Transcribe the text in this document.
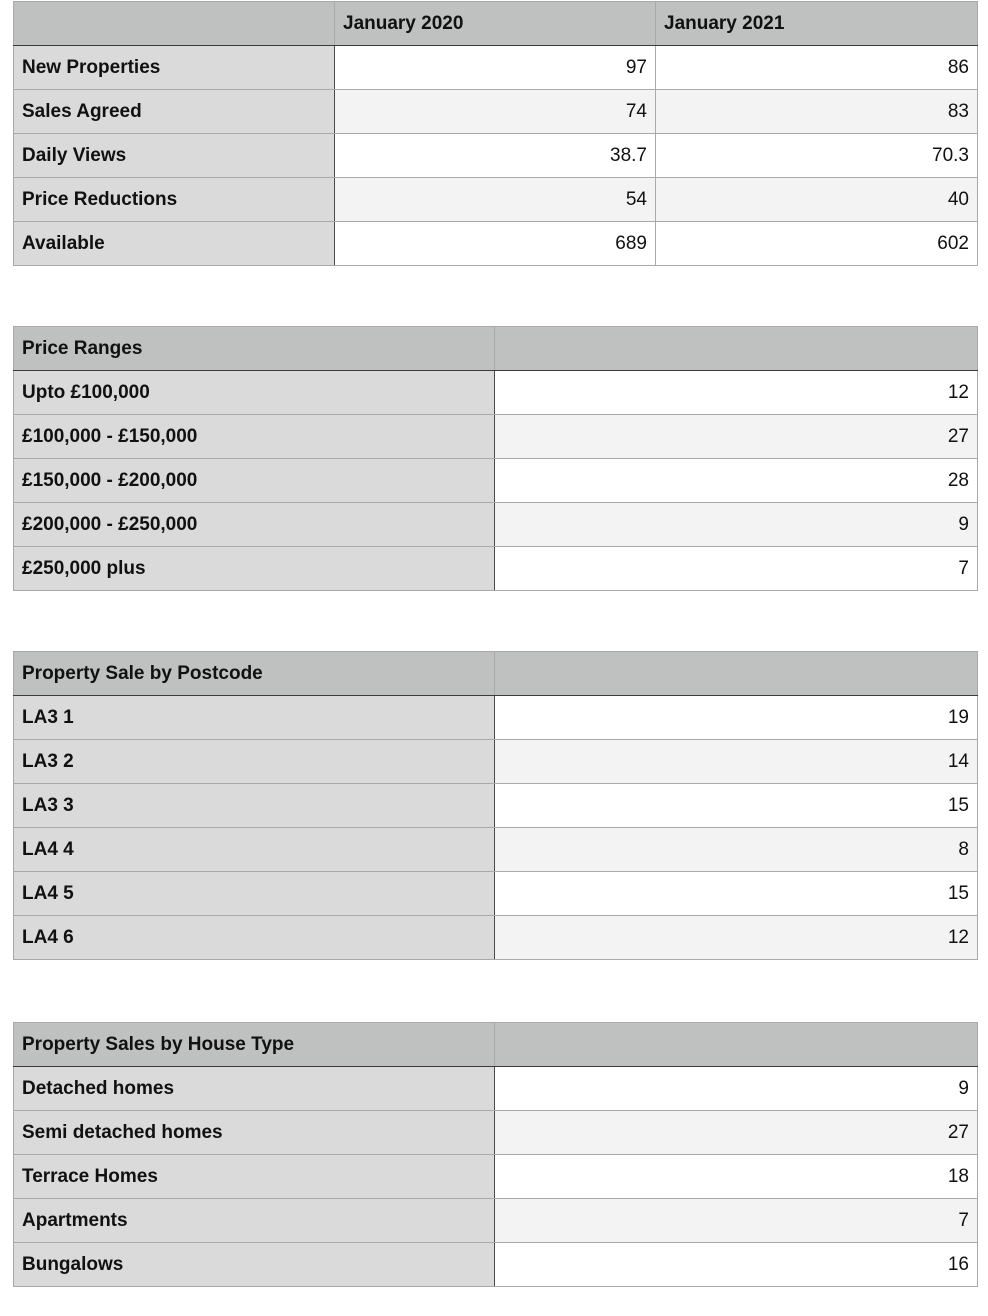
	January 2020	January 2021
New Properties	97	86
Sales Agreed	74	83
Daily Views	38.7	70.3
Price Reductions	54	40
Available	689	602
Price Ranges	
Upto £100,000	12
£100,000 - £150,000	27
£150,000 - £200,000	28
£200,000 - £250,000	9
£250,000 plus	7
Property Sale by Postcode	
LA3 1	19
LA3 2	14
LA3 3	15
LA4 4	8
LA4 5	15
LA4 6	12
Property Sales by House Type	
Detached homes	9
Semi detached homes	27
Terrace Homes	18
Apartments	7
Bungalows	16
